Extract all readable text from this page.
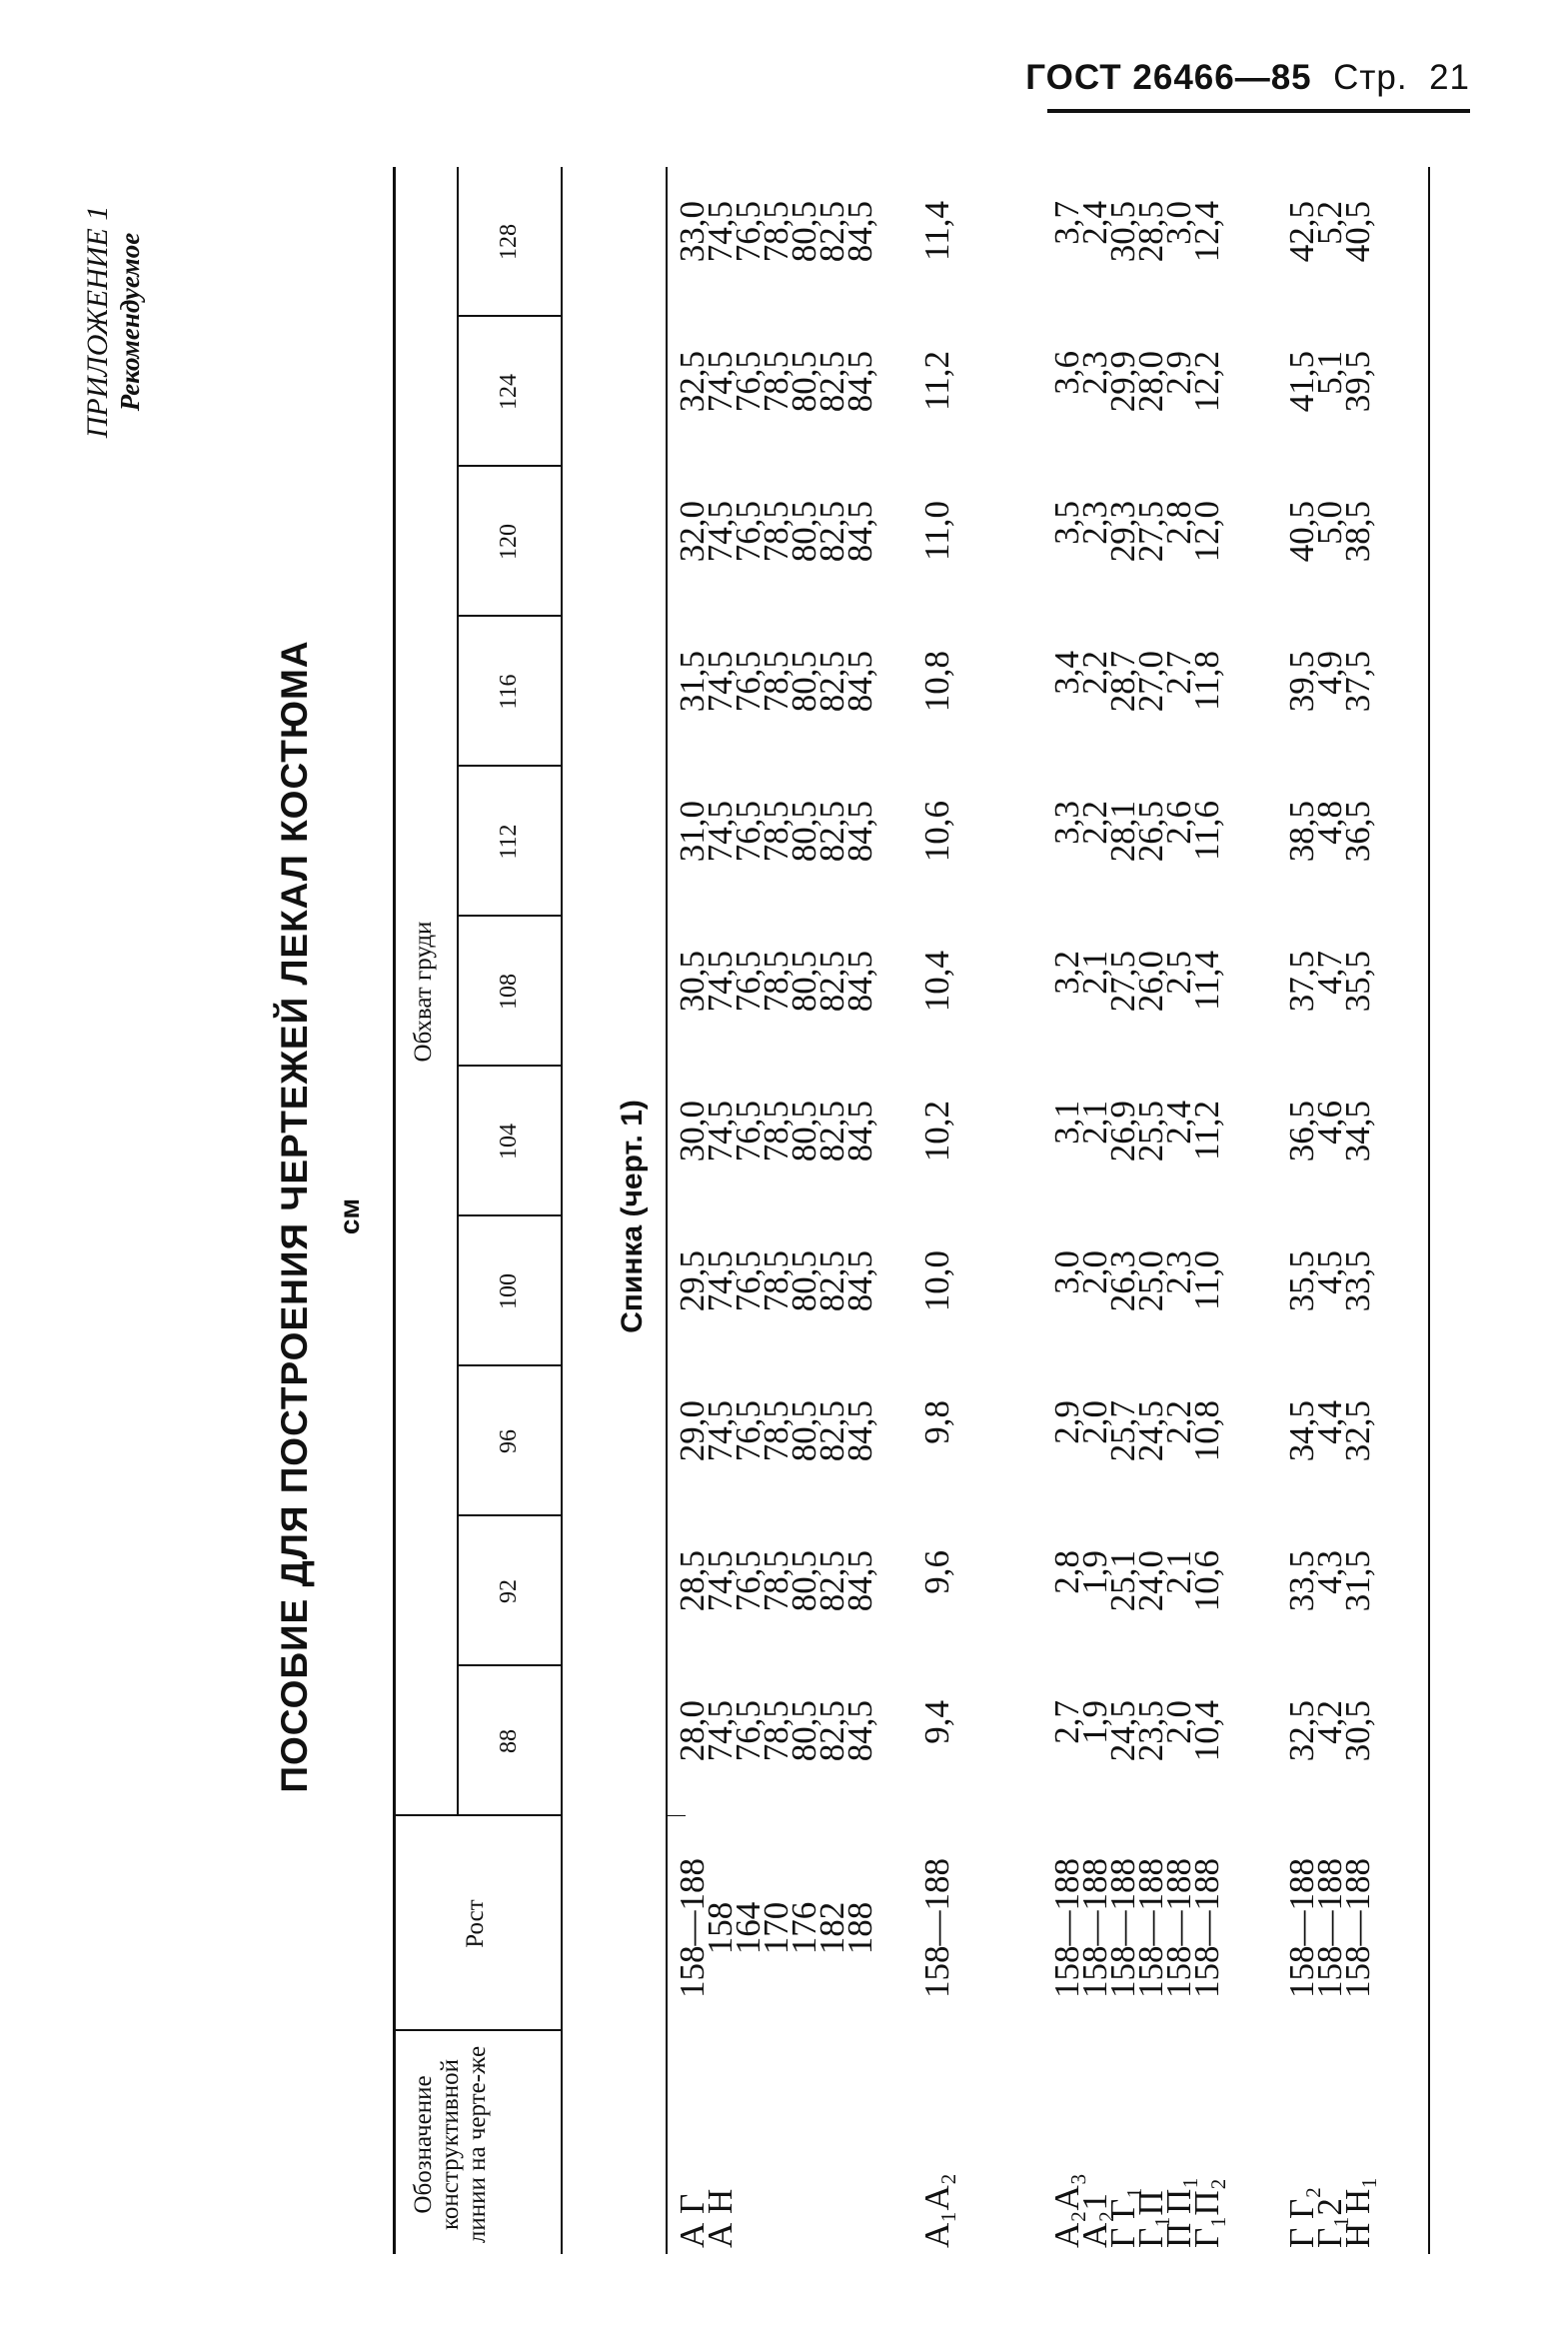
ГОСТ 26466—85 Стр. 21
ПРИЛОЖЕНИЕ 1 Рекомендуемое
ПОСОБИЕ ДЛЯ ПОСТРОЕНИЯ ЧЕРТЕЖЕЙ ЛЕКАЛ КОСТЮМА см
Обозначение конструктивной линии на черте-же
Рост
Обхват груди
88
92
96
100
104
108
112
116
120
124
128
Спинка (черт. 1)
А Г
А Н
158—188
158
164
170
176
182
188
28,0
28,5
29,0
29,5
30,0
30,5
31,0
31,5
32,0
32,5
33,0
74,5
74,5
74,5
74,5
74,5
74,5
74,5
74,5
74,5
74,5
74,5
76,5
76,5
76,5
76,5
76,5
76,5
76,5
76,5
76,5
76,5
76,5
78,5
78,5
78,5
78,5
78,5
78,5
78,5
78,5
78,5
78,5
78,5
80,5
80,5
80,5
80,5
80,5
80,5
80,5
80,5
80,5
80,5
80,5
82,5
82,5
82,5
82,5
82,5
82,5
82,5
82,5
82,5
82,5
82,5
84,5
84,5
84,5
84,5
84,5
84,5
84,5
84,5
84,5
84,5
84,5
А₁А₂
158—188
9,4
9,6
9,8
10,0
10,2
10,4
10,6
10,8
11,0
11,2
11,4
А₂А₃
А₂1
Г Г₁
Г₁П
П П₁
Г₁П₂
158—188
158—188
158—188
158—188
158—188
158—188
2,7
2,8
2,9
3,0
3,1
3,2
3,3
3,4
3,5
3,6
3,7
1,9
1,9
2,0
2,0
2,1
2,1
2,2
2,2
2,3
2,3
2,4
24,5
25,1
25,7
26,3
26,9
27,5
28,1
28,7
29,3
29,9
30,5
23,5
24,0
24,5
25,0
25,5
26,0
26,5
27,0
27,5
28,0
28,5
2,0
2,1
2,2
2,3
2,4
2,5
2,6
2,7
2,8
2,9
3,0
10,4
10,6
10,8
11,0
11,2
11,4
11,6
11,8
12,0
12,2
12,4
Г Г₂
Г₁2
Н Н₁
158—188
158—188
158—188
32,5
33,5
34,5
35,5
36,5
37,5
38,5
39,5
40,5
41,5
42,5
4,2
4,3
4,4
4,5
4,6
4,7
4,8
4,9
5,0
5,1
5,2
30,5
31,5
32,5
33,5
34,5
35,5
36,5
37,5
38,5
39,5
40,5
